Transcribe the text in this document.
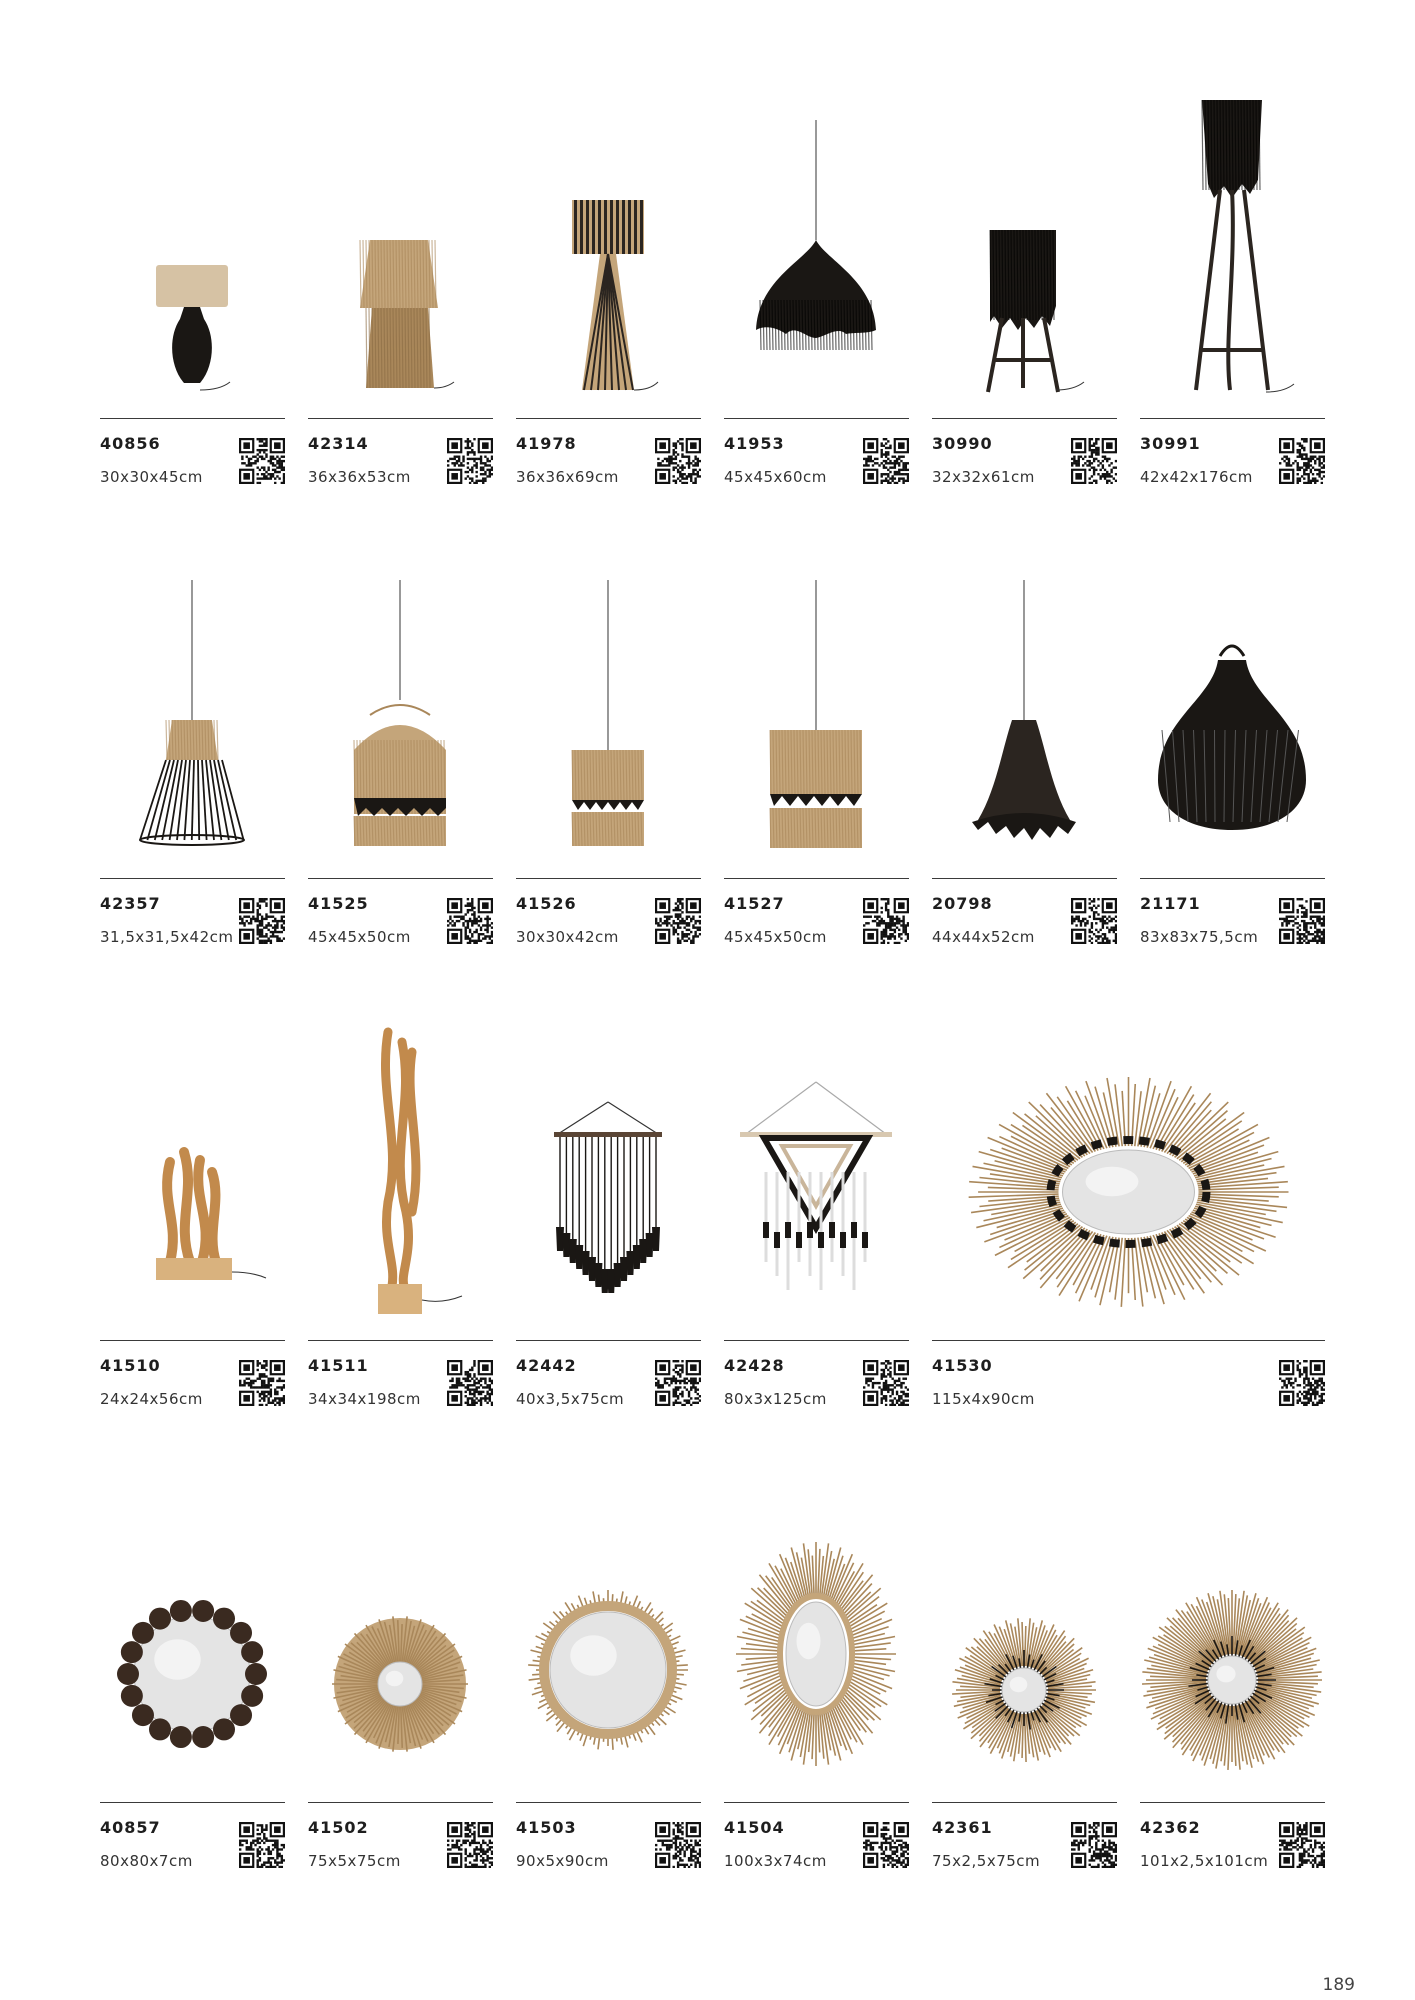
40856
30x30x45cm
42314
36x36x53cm
41978
36x36x69cm
41953
45x45x60cm
30990
32x32x61cm
30991
42x42x176cm
42357
31,5x31,5x42cm
41525
45x45x50cm
41526
30x30x42cm
41527
45x45x50cm
20798
44x44x52cm
21171
83x83x75,5cm
41510
24x24x56cm
41511
34x34x198cm
42442
40x3,5x75cm
42428
80x3x125cm
41530
115x4x90cm
40857
80x80x7cm
41502
75x5x75cm
41503
90x5x90cm
41504
100x3x74cm
42361
75x2,5x75cm
42362
101x2,5x101cm
189
